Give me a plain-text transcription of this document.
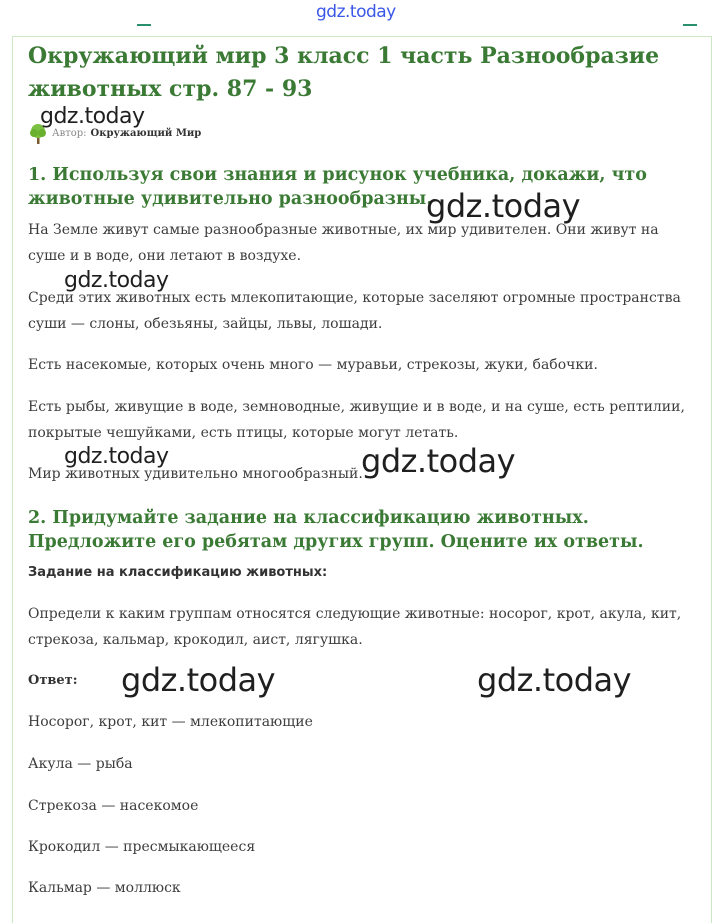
gdz.today
Окружающий мир 3 класс 1 часть Разнообразие животных стр. 87 - 93
Автор: Окружающий Мир
1. Используя свои знания и рисунок учебника, докажи, что животные удивительно разнообразны.

На Земле живут самые разнообразные животные, их мир удивителен. Они живут на суше и в воде, они летают в воздухе.

Среди этих животных есть млекопитающие, которые заселяют огромные пространства суши — слоны, обезьяны, зайцы, львы, лошади.

Есть насекомые, которых очень много — муравьи, стрекозы, жуки, бабочки.

Есть рыбы, живущие в воде, земноводные, живущие и в воде, и на суше, есть рептилии, покрытые чешуйками, есть птицы, которые могут летать.

Мир животных удивительно многообразный.

2. Придумайте задание на классификацию животных. Предложите его ребятам других групп. Оцените их ответы.

Задание на классификацию животных:

Определи к каким группам относятся следующие животные: носорог, крот, акула, кит, стрекоза, кальмар, крокодил, аист, лягушка.

Ответ:

Носорог, крот, кит — млекопитающие

Акула — рыба

Стрекоза — насекомое

Крокодил — пресмыкающееся

Кальмар — моллюск

gdz.today
gdz.today
gdz.today
gdz.today	gdz.today
gdz.today	gdz.today
